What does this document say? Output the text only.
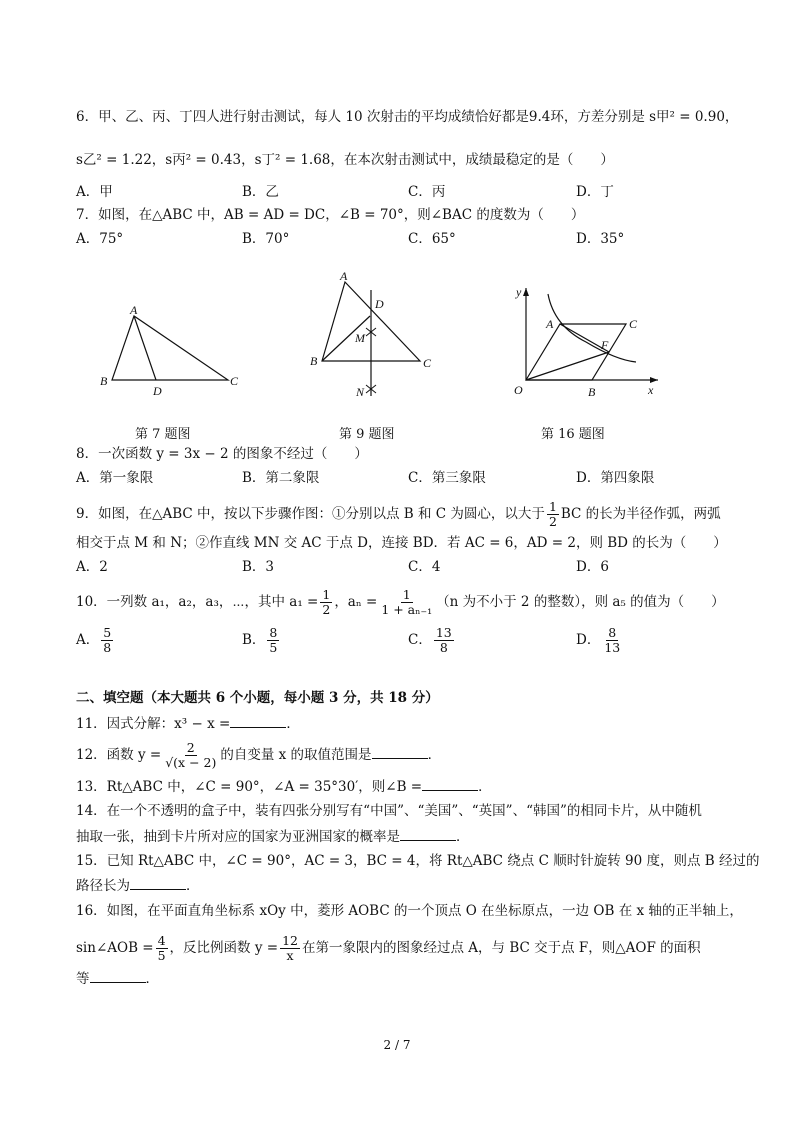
6．甲、乙、丙、丁四人进行射击测试，每人 10 次射击的平均成绩恰好都是9.4环，方差分别是 s甲² = 0.90，
s乙² = 1.22，s丙² = 0.43，s丁² = 1.68，在本次射击测试中，成绩最稳定的是（　　）
A．甲	B．乙	C．丙	D．丁
7．如图，在△ABC 中，AB = AD = DC，∠B = 70°，则∠BAC 的度数为（　　）
A．75°	B．70°	C．65°	D．35°
A
B	C
D
A
D
M
B	C
N
y
x
O
A
B
C
F
第 7 题图	第 9 题图	第 16 题图
8．一次函数 y = 3x − 2 的图象不经过（　　）
A．第一象限	B．第二象限	C．第三象限	D．第四象限
9．如图，在△ABC 中，按以下步骤作图：①分别以点 B 和 C 为圆心，以大于 $\frac{1}{2}$ BC 的长为半径作弧，两弧
相交于点 M 和 N；②作直线 MN 交 AC 于点 D，连接 BD．若 AC = 6，AD = 2，则 BD 的长为（　　）
A．2	B．3	C．4	D．6
10．一列数 a₁，a₂，a₃，⋯，其中 $a_1 = \frac{1}{2}$ ，$a_n = \frac{1}{\text{1 + aₙ₋₁}} (n$ 为不小于 2 的整数），则 a₅ 的值为（　　）
A． $\frac{5}{8}$	B． $\frac{8}{5}$	C． $\frac{13}{8}$	D． $\frac{8}{13}$
二、填空题（本大题共 6 个小题，每小题 3 分，共 18 分）
11．因式分解：x³ − x =	．
12．函数 $y = \frac{2}{√(x - 2)}$ 的自变量 x 的取值范围是	．
13．Rt△ABC 中，∠C = 90°，∠A = 35°30′，则∠B =	．
14．在一个不透明的盒子中，装有四张分别写有“中国”、“美国”、“英国”、“韩国”的相同卡片，从中随机
抽取一张，抽到卡片所对应的国家为亚洲国家的概率是	．
15．已知 Rt△ABC 中，∠C = 90°，AC = 3，BC = 4，将 Rt△ABC 绕点 C 顺时针旋转 90 度，则点 B 经过的
路径长为	．
16．如图，在平面直角坐标系 xOy 中，菱形 AOBC 的一个顶点 O 在坐标原点，一边 OB 在 x 轴的正半轴上，
sin∠AOB = $\frac{4}{5}$ ，反比例函数 $y = \frac{12}{x}$ 在第一象限内的图象经过点 A，与 BC 交于点 F，则△AOF 的面积
等	．
2 / 7
